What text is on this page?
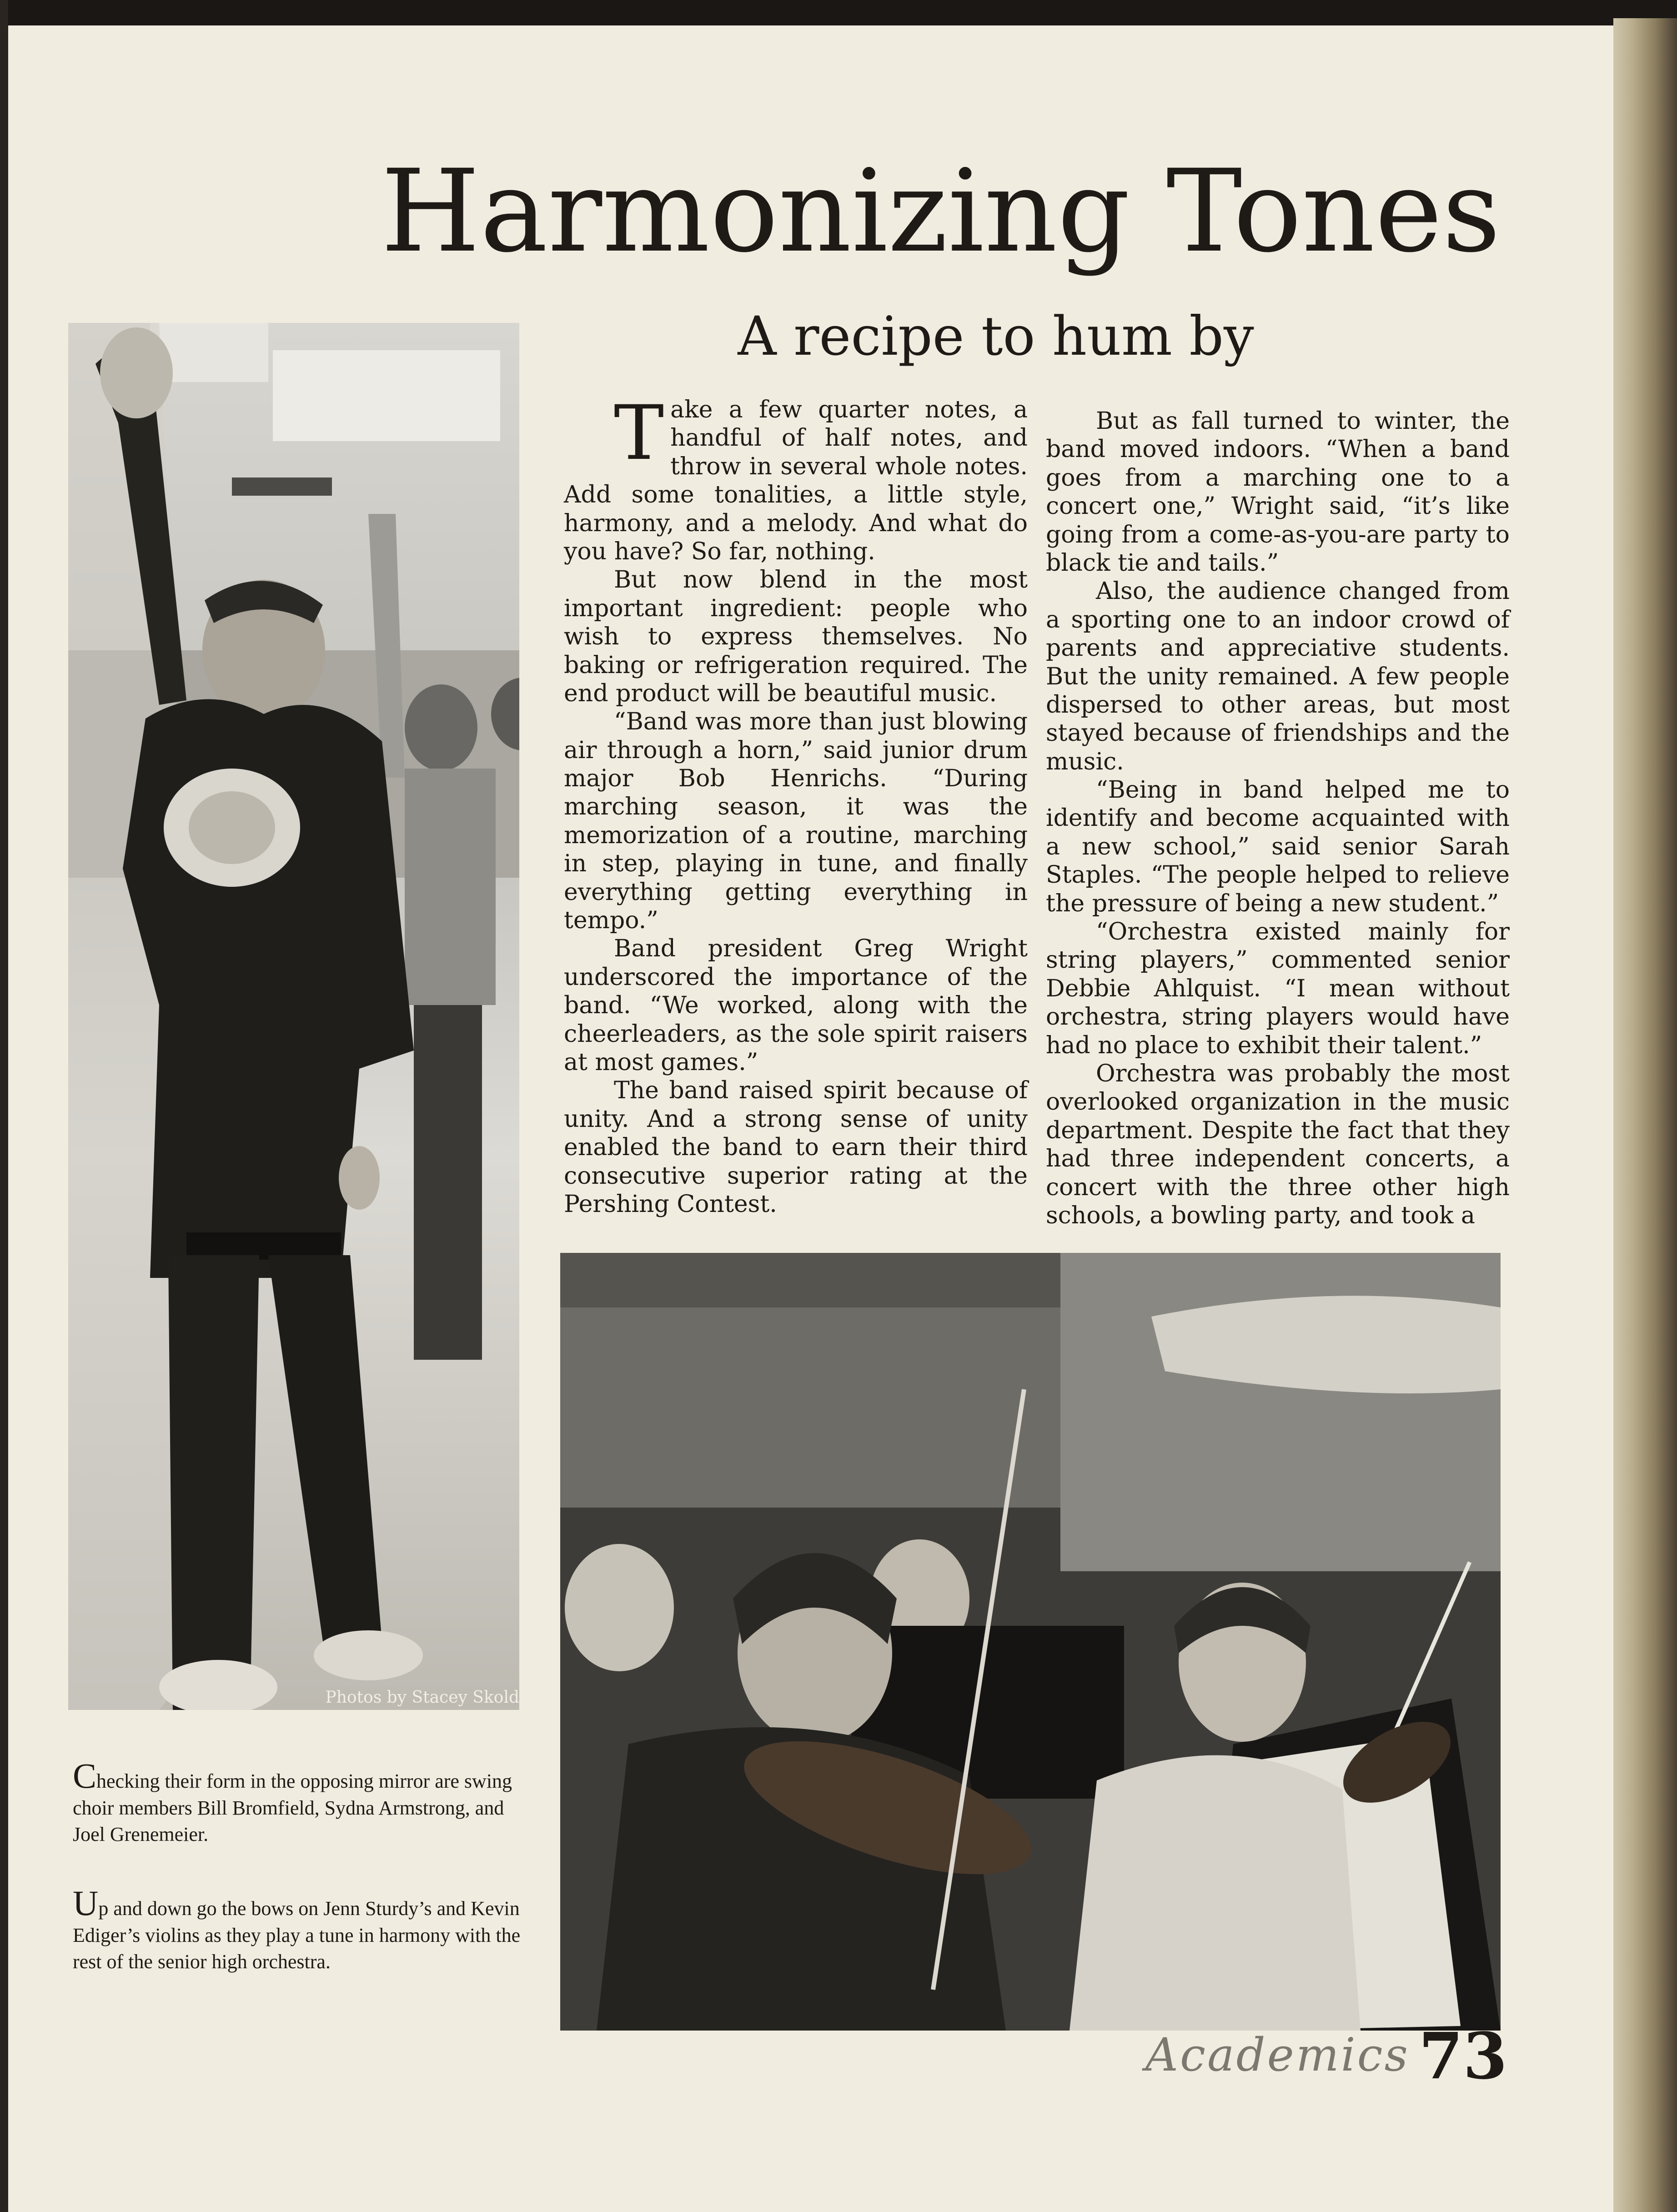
Harmonizing Tones
A recipe to hum by
Photos by Stacey Skold

Take a few quarter notes, a handful of half notes, and throw in several whole notes. Add some tonalities, a little style, harmony, and a melody. And what do you have? So far, nothing.

But now blend in the most important ingredient: people who wish to express themselves. No baking or refrigeration required. The end product will be beautiful music.

“Band was more than just blowing air through a horn,” said junior drum major Bob Henrichs. “During marching season, it was the memorization of a routine, marching in step, playing in tune, and finally everything getting everything in tempo.”

Band president Greg Wright underscored the importance of the band. “We worked, along with the cheerleaders, as the sole spirit raisers at most games.”

The band raised spirit because of unity. And a strong sense of unity enabled the band to earn their third consecutive superior rating at the Pershing Contest.

But as fall turned to winter, the band moved indoors. “When a band goes from a marching one to a concert one,” Wright said, “it’s like going from a come-as-you-are party to black tie and tails.”

Also, the audience changed from a sporting one to an indoor crowd of parents and appreciative students. But the unity remained. A few people dispersed to other areas, but most stayed because of friendships and the music.

“Being in band helped me to identify and become acquainted with a new school,” said senior Sarah Staples. “The people helped to relieve the pressure of being a new student.”

“Orchestra existed mainly for string players,” commented senior Debbie Ahlquist. “I mean without orchestra, string players would have had no place to exhibit their talent.”

Orchestra was probably the most overlooked organization in the music department. Despite the fact that they had three independent concerts, a concert with the three other high schools, a bowling party, and took a

Checking their form in the opposing mirror are swing choir members Bill Bromfield, Sydna Armstrong, and Joel Grenemeier.
Up and down go the bows on Jenn Sturdy’s and Kevin Ediger’s violins as they play a tune in harmony with the rest of the senior high orchestra.
Academics 73
